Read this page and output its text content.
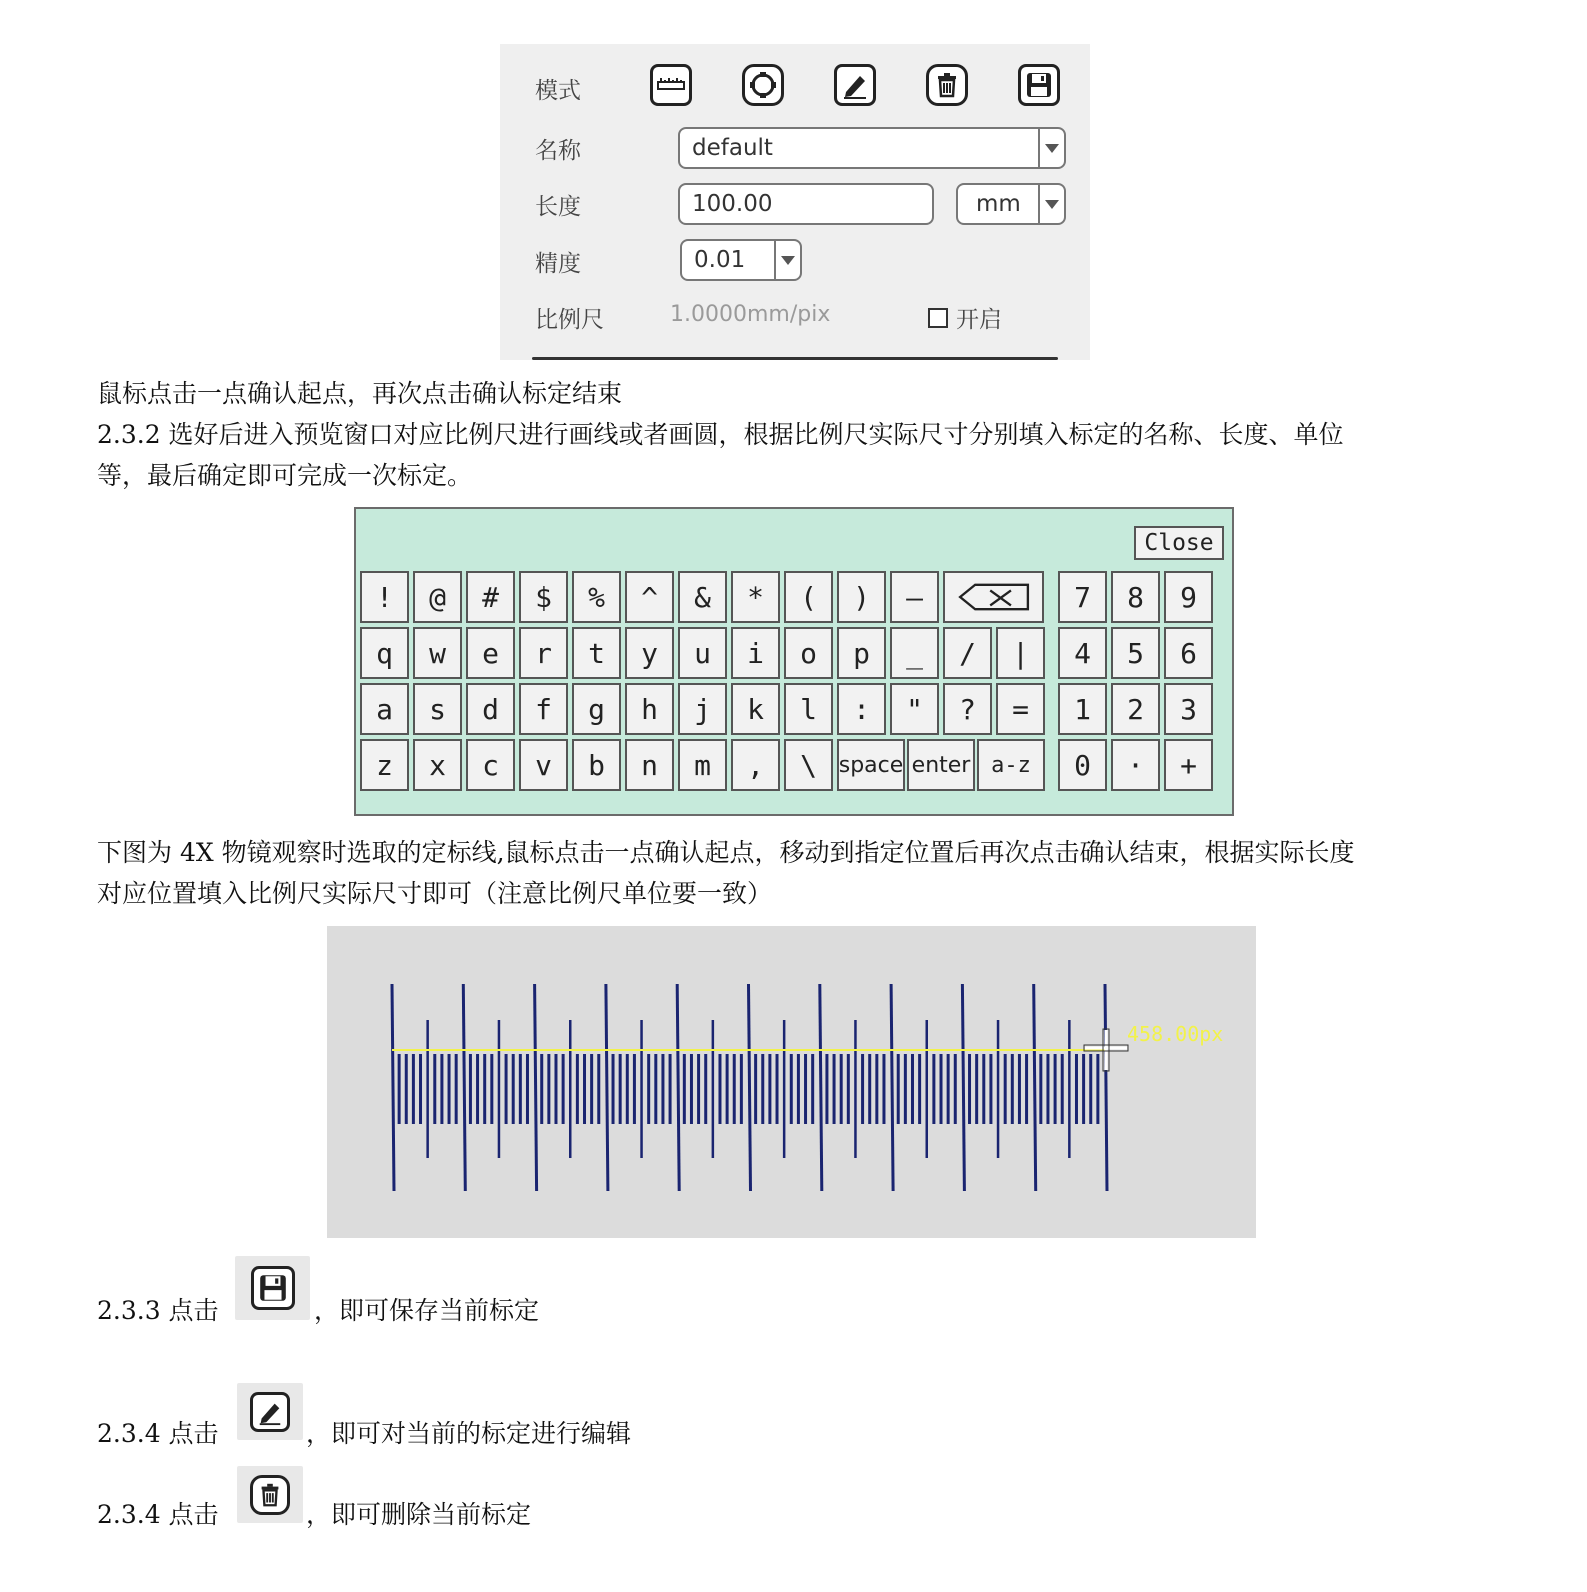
模式
名称	default
长度	100.00	mm
精度	0.01
比例尺	1.0000mm/pix	开启
鼠标点击一点确认起点，再次点击确认标定结束
2.3.2 选好后进入预览窗口对应比例尺进行画线或者画圆，根据比例尺实际尺寸分别填入标定的名称、长度、单位
等，最后确定即可完成一次标定。
Close
!	@	#	$	%	^	&	*	(	)	—
q	w	e	r	t	y	u	i	o	p	_	/	|
a	s	d	f	g	h	j	k	l	:	"	?	=
z	x	c	v	b	n	m	,	\ space enter a-z
7	8	9
4	5	6
1	2	3
0	·	+
下图为 4X 物镜观察时选取的定标线,鼠标点击一点确认起点，移动到指定位置后再次点击确认结束，根据实际长度
对应位置填入比例尺实际尺寸即可（注意比例尺单位要一致）
458.00px
2.3.3 点击	，即可保存当前标定
2.3.4 点击	，即可对当前的标定进行编辑
2.3.4 点击	，即可删除当前标定
